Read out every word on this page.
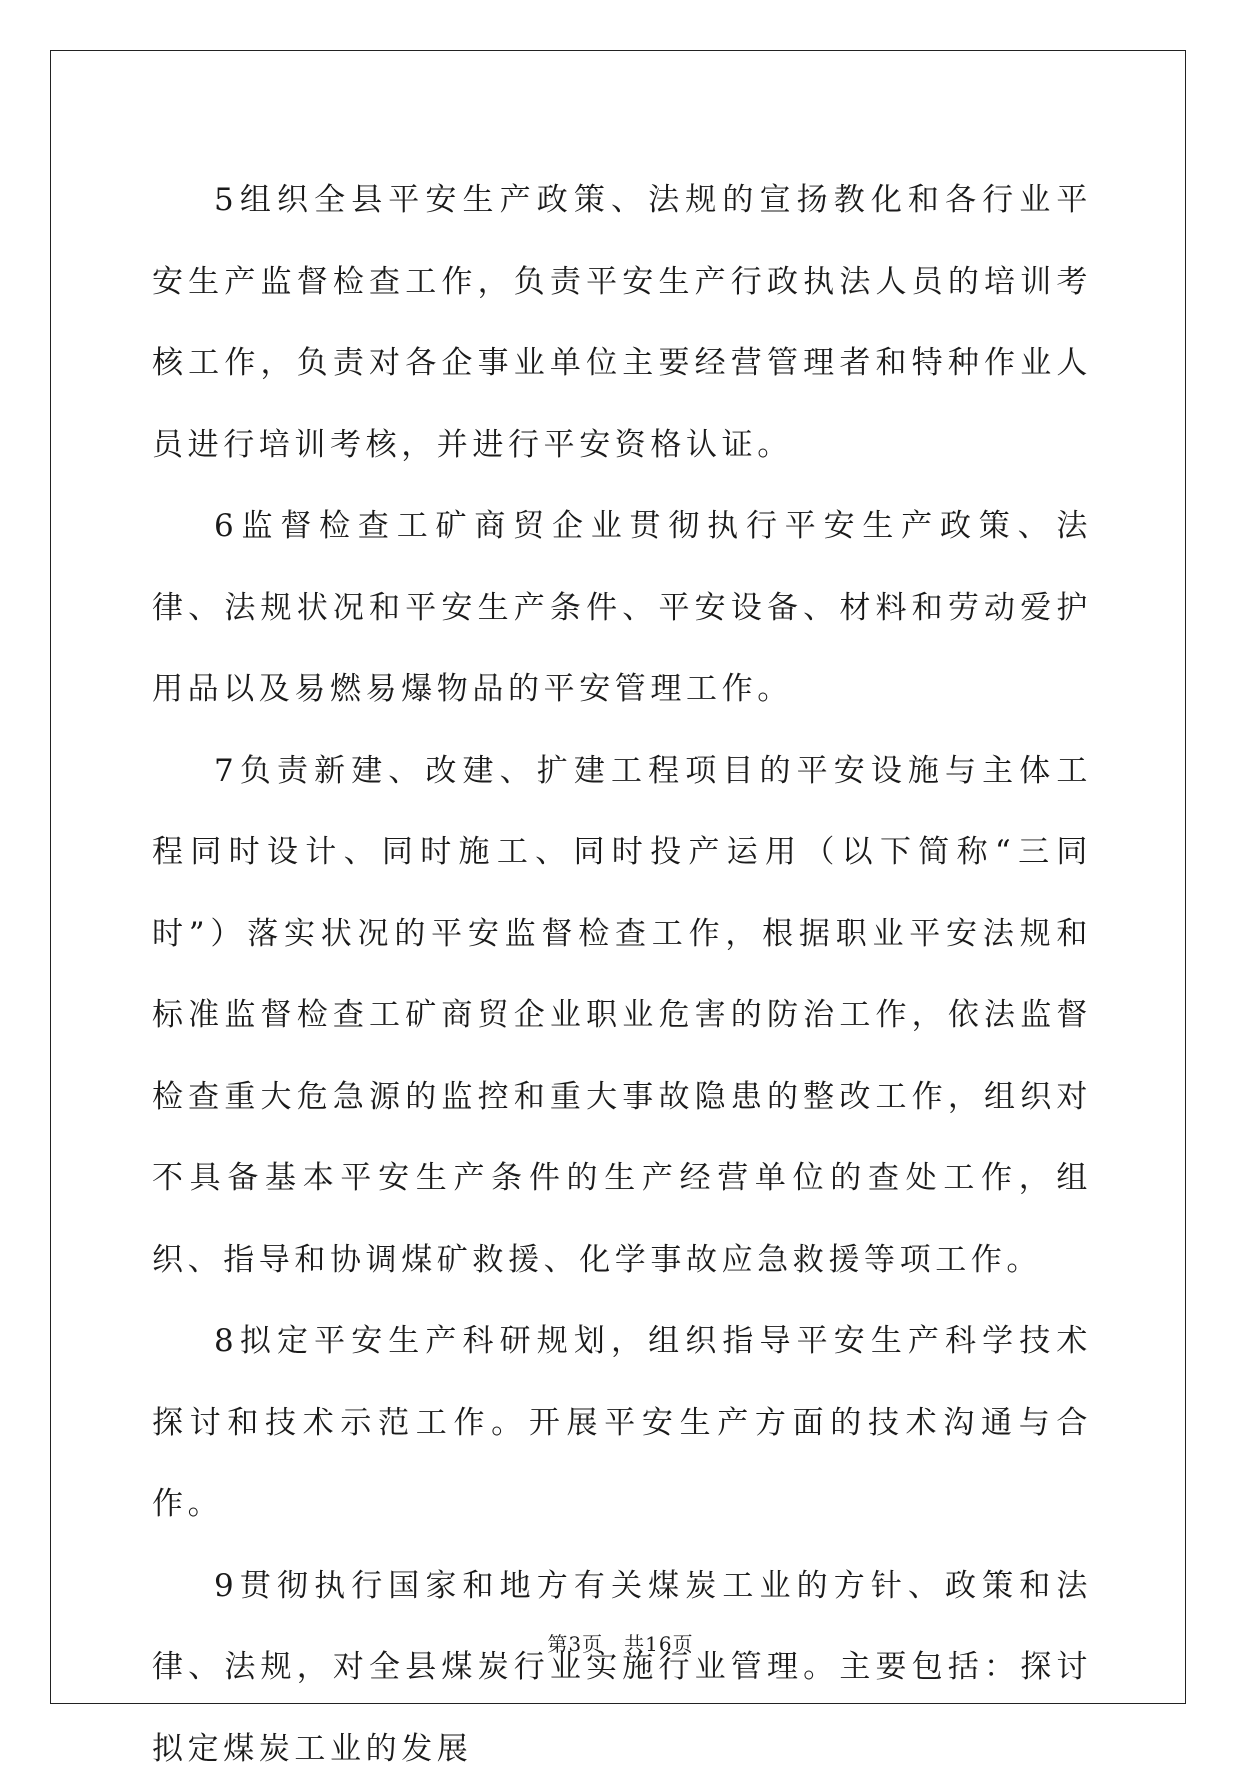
5组织全县平安生产政策、法规的宣扬教化和各行业平安生产监督检查工作，负责平安生产行政执法人员的培训考核工作，负责对各企事业单位主要经营管理者和特种作业人员进行培训考核，并进行平安资格认证。

6监督检查工矿商贸企业贯彻执行平安生产政策、法律、法规状况和平安生产条件、平安设备、材料和劳动爱护用品以及易燃易爆物品的平安管理工作。

7负责新建、改建、扩建工程项目的平安设施与主体工程同时设计、同时施工、同时投产运用（以下简称“三同时”）落实状况的平安监督检查工作，根据职业平安法规和标准监督检查工矿商贸企业职业危害的防治工作，依法监督检查重大危急源的监控和重大事故隐患的整改工作，组织对不具备基本平安生产条件的生产经营单位的查处工作，组织、指导和协调煤矿救援、化学事故应急救援等项工作。

8拟定平安生产科研规划，组织指导平安生产科学技术探讨和技术示范工作。开展平安生产方面的技术沟通与合作。

9贯彻执行国家和地方有关煤炭工业的方针、政策和法律、法规，对全县煤炭行业实施行业管理。主要包括：探讨拟定煤炭工业的发展

第3页　共16页
